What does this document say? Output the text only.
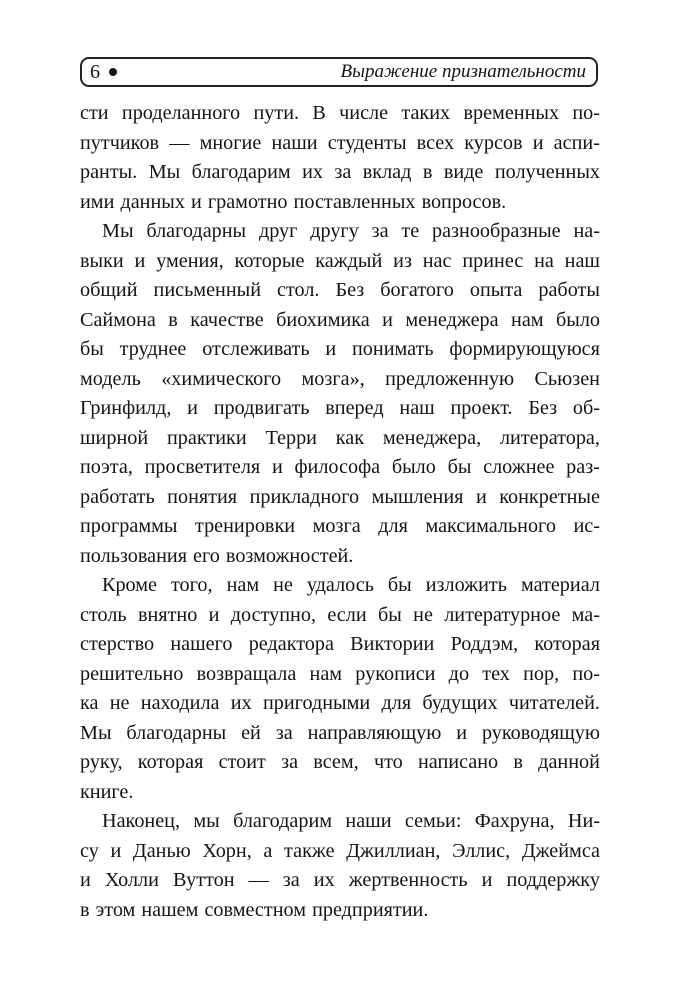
6	Выражение признательности
сти проделанного пути. В числе таких временных по-
путчиков — многие наши студенты всех курсов и аспи-
ранты. Мы благодарим их за вклад в виде полученных
ими данных и грамотно поставленных вопросов.
Мы благодарны друг другу за те разнообразные на-
выки и умения, которые каждый из нас принес на наш
общий письменный стол. Без богатого опыта работы
Саймона в качестве биохимика и менеджера нам было
бы труднее отслеживать и понимать формирующуюся
модель «химического мозга», предложенную Сьюзен
Гринфилд, и продвигать вперед наш проект. Без об-
ширной практики Терри как менеджера, литератора,
поэта, просветителя и философа было бы сложнее раз-
работать понятия прикладного мышления и конкретные
программы тренировки мозга для максимального ис-
пользования его возможностей.
Кроме того, нам не удалось бы изложить материал
столь внятно и доступно, если бы не литературное ма-
стерство нашего редактора Виктории Роддэм, которая
решительно возвращала нам рукописи до тех пор, по-
ка не находила их пригодными для будущих читателей.
Мы благодарны ей за направляющую и руководящую
руку, которая стоит за всем, что написано в данной
книге.
Наконец, мы благодарим наши семьи: Фахруна, Ни-
су и Данью Хорн, а также Джиллиан, Эллис, Джеймса
и Холли Вуттон — за их жертвенность и поддержку
в этом нашем совместном предприятии.
